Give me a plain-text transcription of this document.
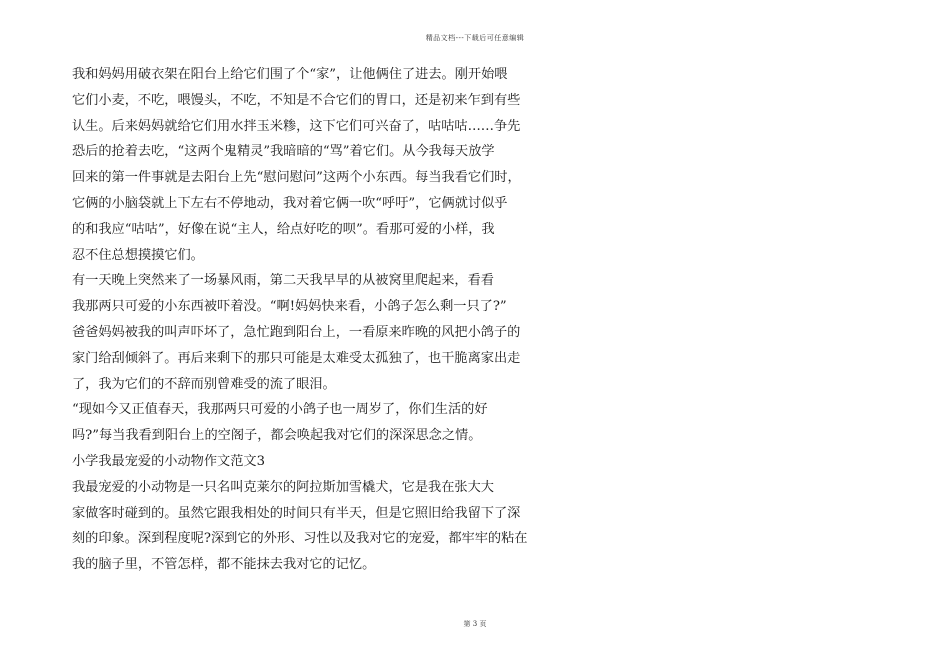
精品文档---下载后可任意编辑
我和妈妈用破衣架在阳台上给它们围了个“家”，让他俩住了进去。刚开始喂
它们小麦，不吃，喂馒头，不吃，不知是不合它们的胃口，还是初来乍到有些
认生。后来妈妈就给它们用水拌玉米糁，这下它们可兴奋了，咕咕咕……争先
恐后的抢着去吃，“这两个鬼精灵”我暗暗的“骂”着它们。从今我每天放学
回来的第一件事就是去阳台上先“慰问慰问”这两个小东西。每当我看它们时，
它俩的小脑袋就上下左右不停地动，我对着它俩一吹“呼吁”，它俩就讨似乎
的和我应“咕咕”，好像在说“主人，给点好吃的呗”。看那可爱的小样，我
忍不住总想摸摸它们。
有一天晚上突然来了一场暴风雨，第二天我早早的从被窝里爬起来，看看
我那两只可爱的小东西被吓着没。“啊!妈妈快来看，小鸽子怎么剩一只了?”
爸爸妈妈被我的叫声吓坏了，急忙跑到阳台上，一看原来昨晚的风把小鸽子的
家门给刮倾斜了。再后来剩下的那只可能是太难受太孤独了，也干脆离家出走
了，我为它们的不辞而别曾难受的流了眼泪。
“现如今又正值春天，我那两只可爱的小鸽子也一周岁了，你们生活的好
吗?”每当我看到阳台上的空阁子，都会唤起我对它们的深深思念之情。
小学我最宠爱的小动物作文范文3
我最宠爱的小动物是一只名叫克莱尔的阿拉斯加雪橇犬，它是我在张大大
家做客时碰到的。虽然它跟我相处的时间只有半天，但是它照旧给我留下了深
刻的印象。深到程度呢?深到它的外形、习性以及我对它的宠爱，都牢牢的粘在
我的脑子里，不管怎样，都不能抹去我对它的记忆。
第 3 页
